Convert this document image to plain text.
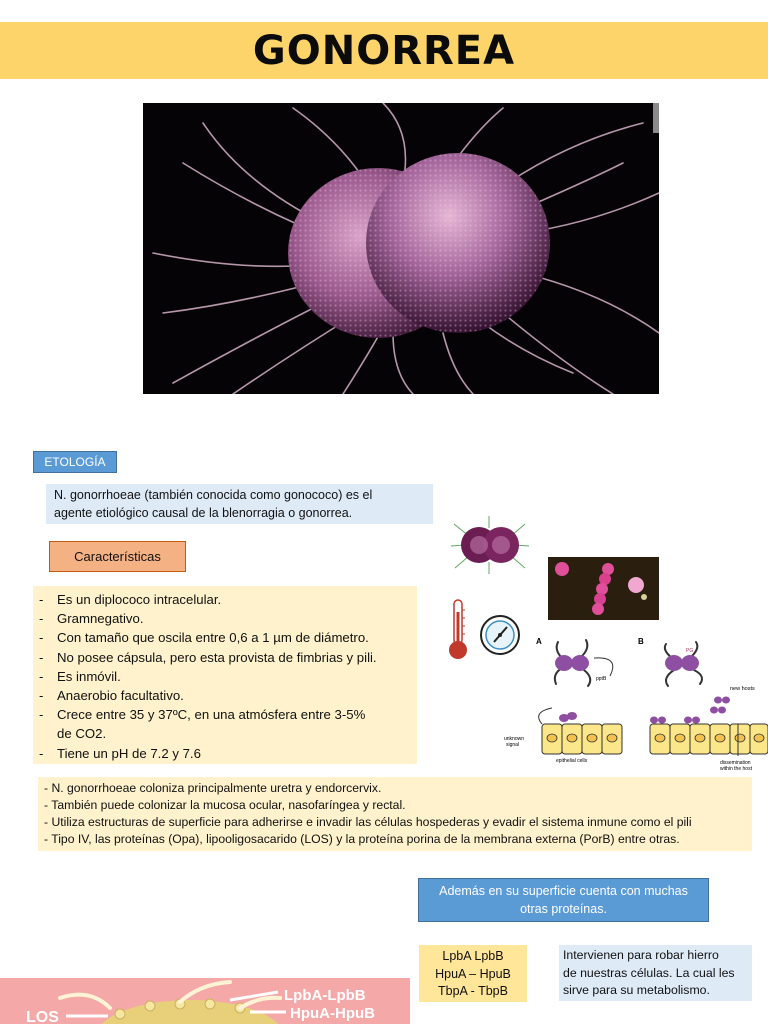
GONORREA
ETOLOGÍA
N. gonorrhoeae (también conocida como gonococo) es el
agente etiológico causal de la blenorragia o gonorrea.
Características
-	Es un diplococo intracelular.
-	Gramnegativo.
-	Con tamaño que oscila entre 0,6 a 1 µm de diámetro.
-	No posee cápsula, pero esta provista de fimbrias y pili.
-	Es inmóvil.
-	Anaerobio facultativo.
-	Crece entre 35 y 37ºC, en una atmósfera entre 3-5%
de CO2.
-	Tiene un pH de 7.2 y 7.6
A	B
pptB
PG
new hosts
unknown
signal
epithelial cells	dissemination
within the host
- N. gonorrhoeae coloniza principalmente uretra y endorcervix.
- También puede colonizar la mucosa ocular, nasofaríngea y rectal.
- Utiliza estructuras de superficie para adherirse e invadir las células hospederas y evadir el sistema inmune como el pili
- Tipo IV, las proteínas (Opa), lipooligosacarido (LOS) y la proteína porina de la membrana externa (PorB) entre otras.
Además en su superficie cuenta con muchas
otras proteínas.
LpbA LpbB
HpuA – HpuB
TbpA - TbpB
Intervienen para robar hierro
de nuestras células. La cual les
sirve para su metabolismo.
LOS
LpbA-LpbB
HpuA-HpuB
